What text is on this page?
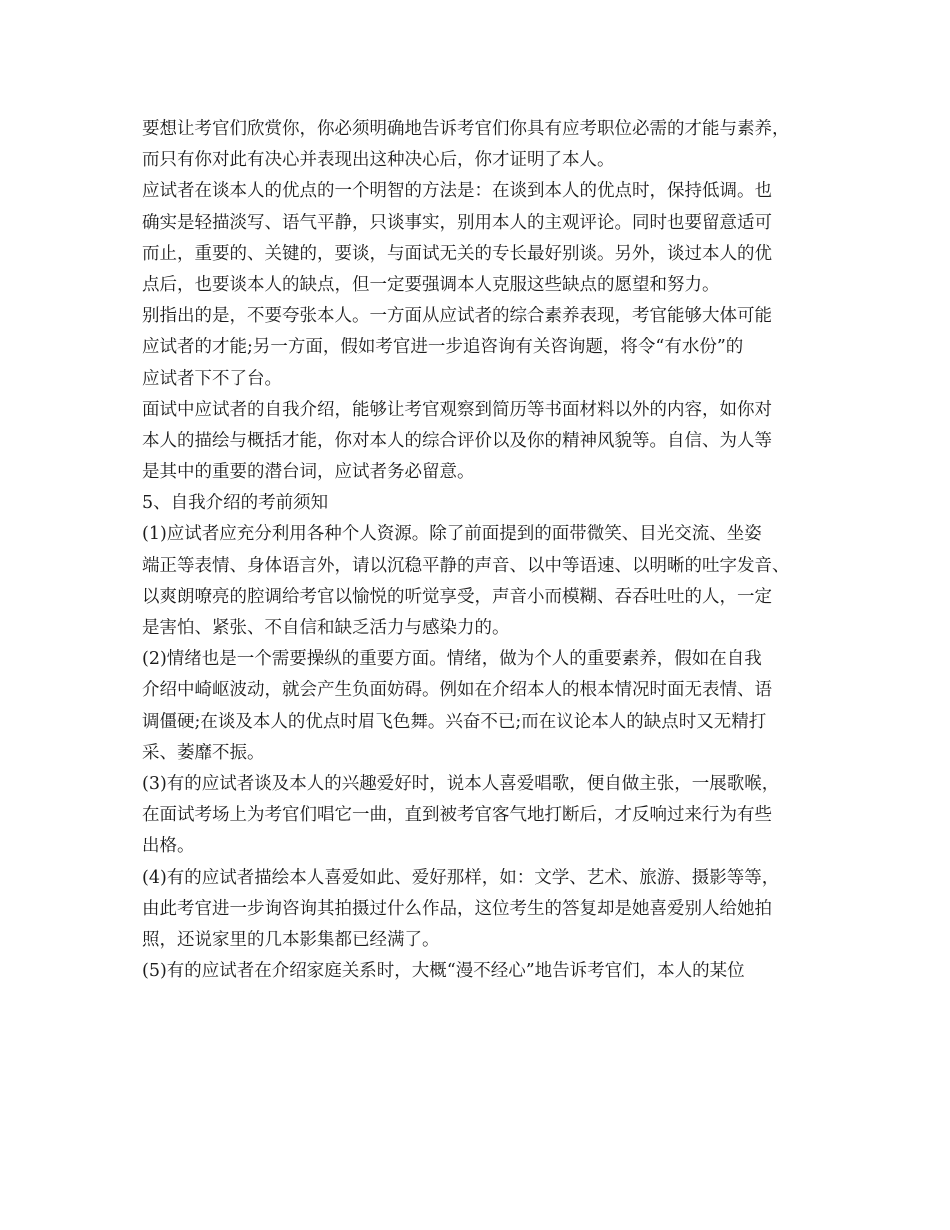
要想让考官们欣赏你，你必须明确地告诉考官们你具有应考职位必需的才能与素养，
而只有你对此有决心并表现出这种决心后，你才证明了本人。
应试者在谈本人的优点的一个明智的方法是：在谈到本人的优点时，保持低调。也
确实是轻描淡写、语气平静，只谈事实，别用本人的主观评论。同时也要留意适可
而止，重要的、关键的，要谈，与面试无关的专长最好别谈。另外，谈过本人的优
点后，也要谈本人的缺点，但一定要强调本人克服这些缺点的愿望和努力。
别指出的是，不要夸张本人。一方面从应试者的综合素养表现，考官能够大体可能
应试者的才能;另一方面，假如考官进一步追咨询有关咨询题，将令“有水份”的
应试者下不了台。
面试中应试者的自我介绍，能够让考官观察到简历等书面材料以外的内容，如你对
本人的描绘与概括才能，你对本人的综合评价以及你的精神风貌等。自信、为人等
是其中的重要的潜台词，应试者务必留意。
5、自我介绍的考前须知
(1)应试者应充分利用各种个人资源。除了前面提到的面带微笑、目光交流、坐姿
端正等表情、身体语言外，请以沉稳平静的声音、以中等语速、以明晰的吐字发音、
以爽朗嘹亮的腔调给考官以愉悦的听觉享受，声音小而模糊、吞吞吐吐的人，一定
是害怕、紧张、不自信和缺乏活力与感染力的。
(2)情绪也是一个需要操纵的重要方面。情绪，做为个人的重要素养，假如在自我
介绍中崎岖波动，就会产生负面妨碍。例如在介绍本人的根本情况时面无表情、语
调僵硬;在谈及本人的优点时眉飞色舞。兴奋不已;而在议论本人的缺点时又无精打
采、萎靡不振。
(3)有的应试者谈及本人的兴趣爱好时，说本人喜爱唱歌，便自做主张，一展歌喉，
在面试考场上为考官们唱它一曲，直到被考官客气地打断后，才反响过来行为有些
出格。
(4)有的应试者描绘本人喜爱如此、爱好那样，如：文学、艺术、旅游、摄影等等，
由此考官进一步询咨询其拍摄过什么作品，这位考生的答复却是她喜爱别人给她拍
照，还说家里的几本影集都已经满了。
(5)有的应试者在介绍家庭关系时，大概“漫不经心”地告诉考官们，本人的某位
